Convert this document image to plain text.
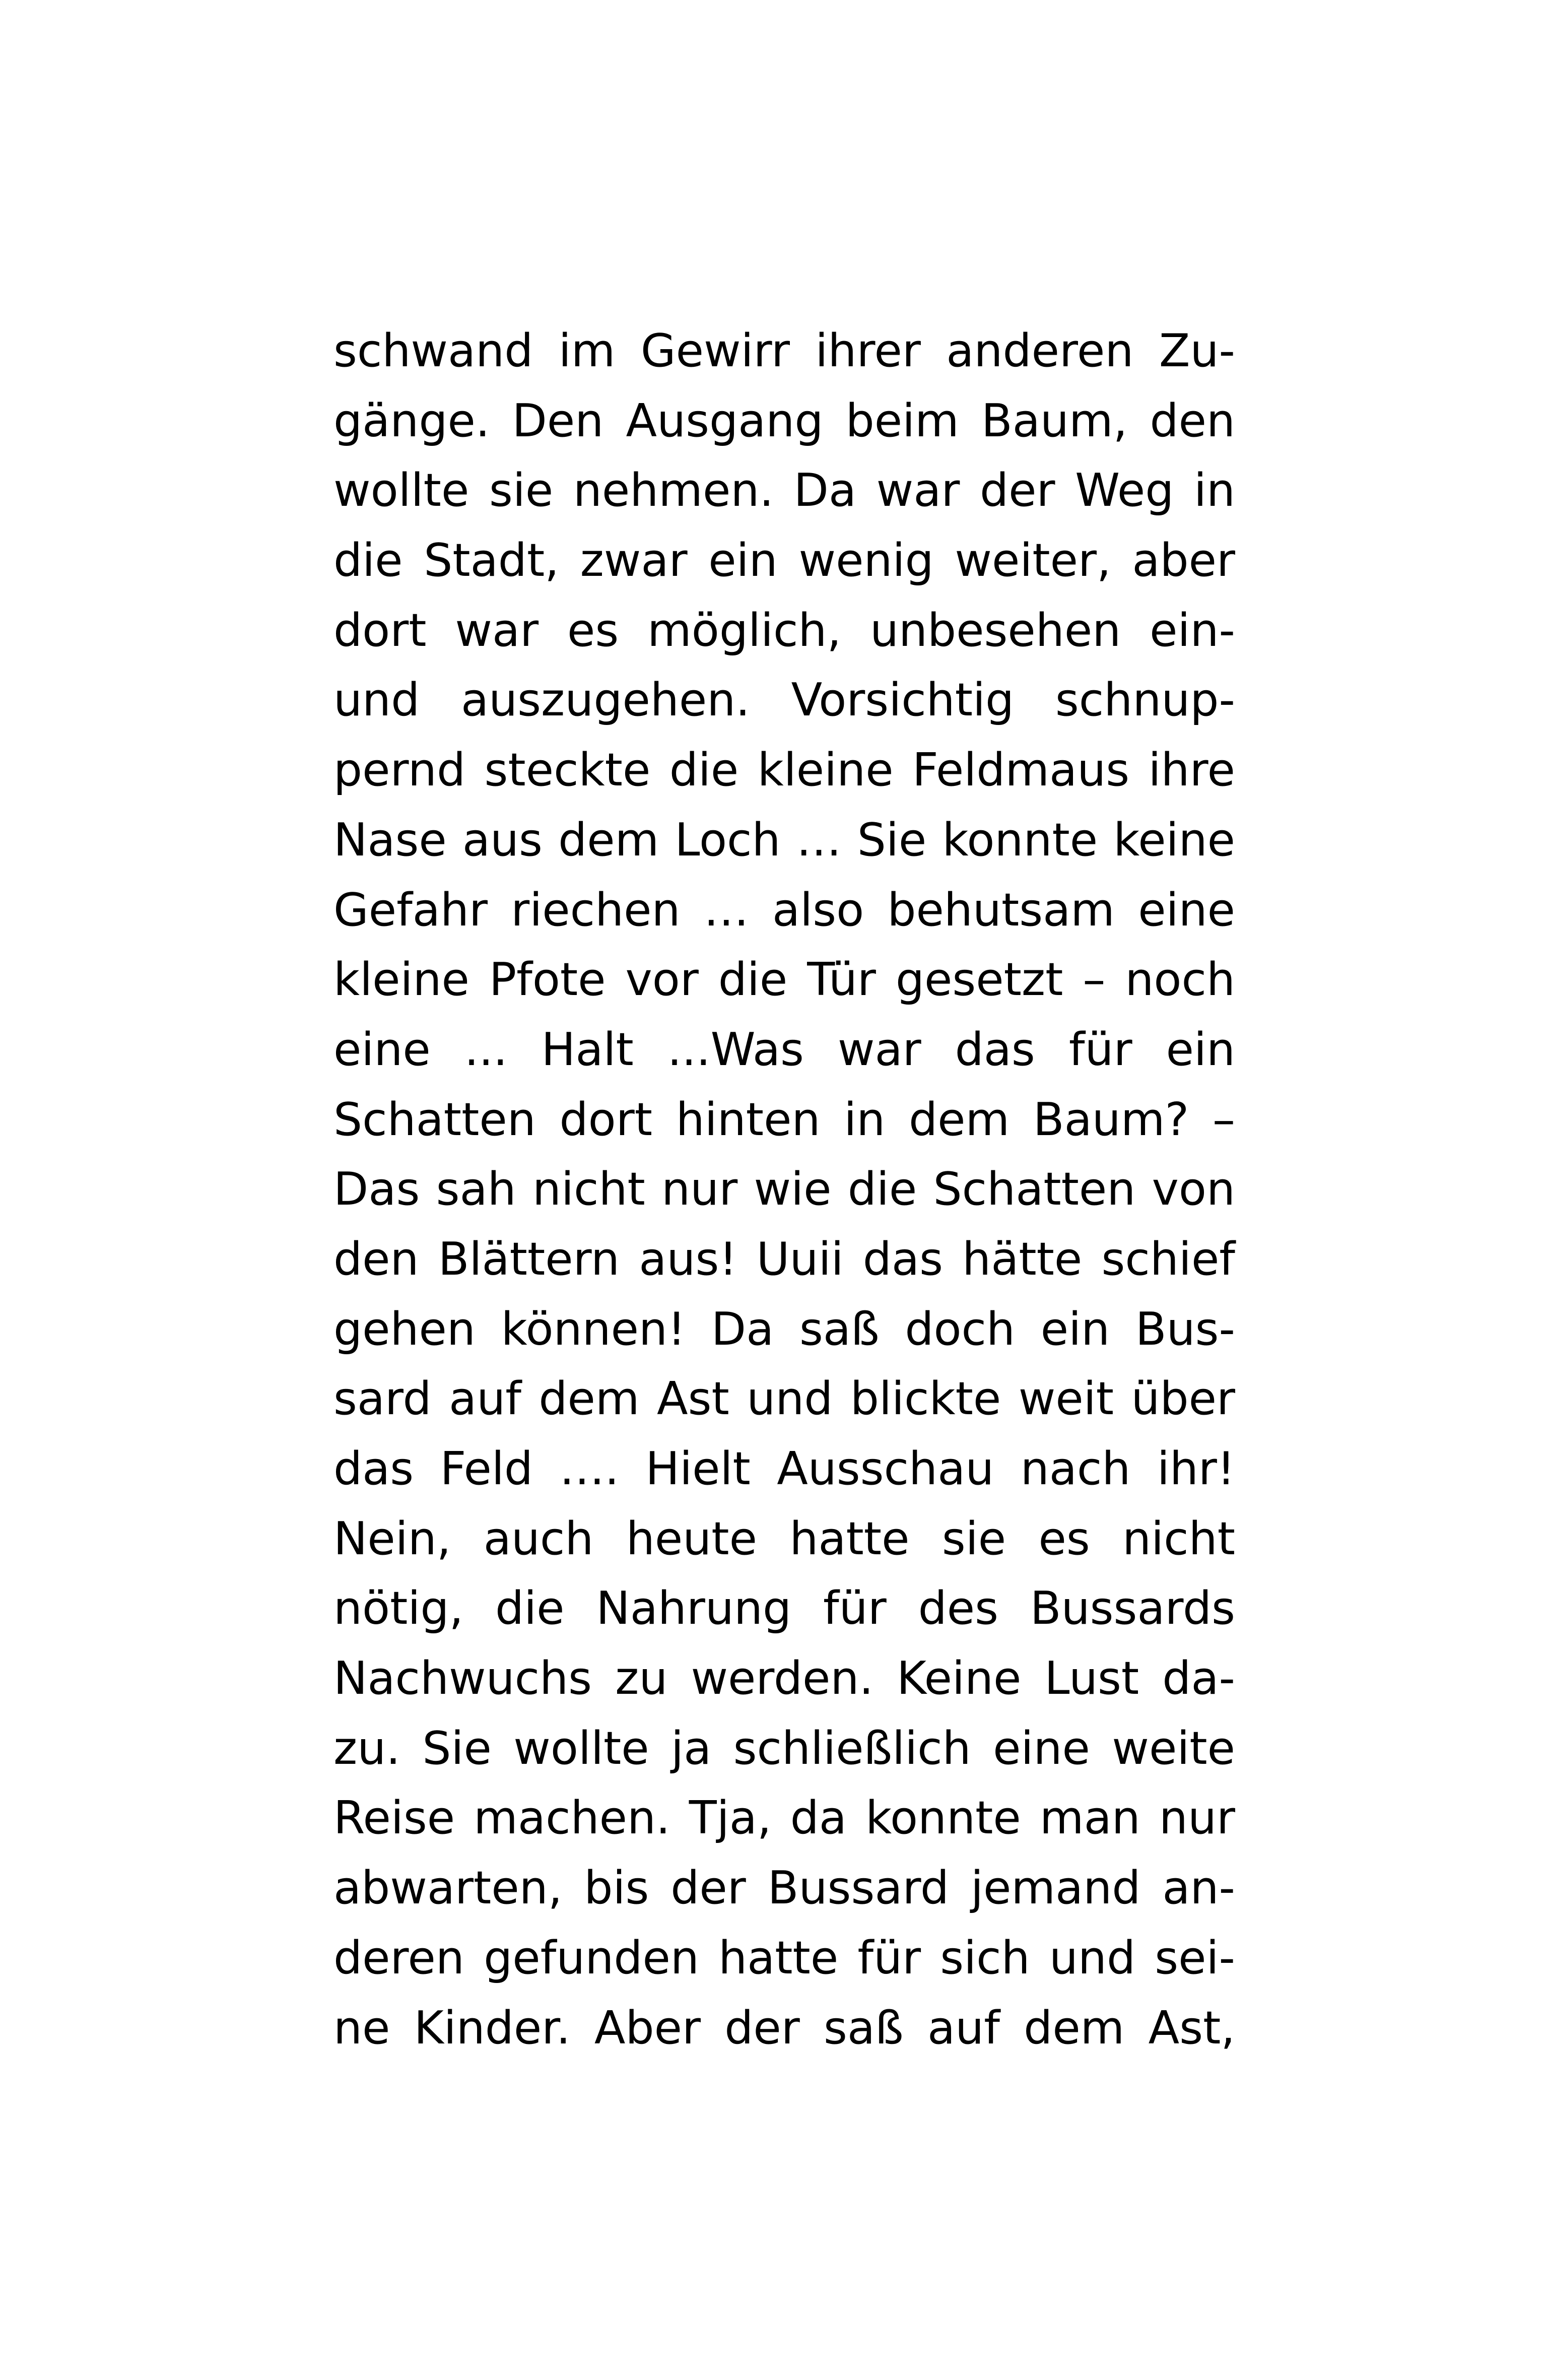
schwand im Gewirr ihrer anderen Zu-
gänge. Den Ausgang beim Baum, den
wollte sie nehmen. Da war der Weg in
die Stadt, zwar ein wenig weiter, aber
dort war es möglich, unbesehen ein-
und auszugehen. Vorsichtig schnup-
pernd steckte die kleine Feldmaus ihre
Nase aus dem Loch … Sie konnte keine
Gefahr riechen … also behutsam eine
kleine Pfote vor die Tür gesetzt – noch
eine ... Halt ...Was war das für ein
Schatten dort hinten in dem Baum? –
Das sah nicht nur wie die Schatten von
den Blättern aus! Uuii das hätte schief
gehen können! Da saß doch ein Bus-
sard auf dem Ast und blickte weit über
das Feld …. Hielt Ausschau nach ihr!
Nein, auch heute hatte sie es nicht
nötig, die Nahrung für des Bussards
Nachwuchs zu werden. Keine Lust da-
zu. Sie wollte ja schließlich eine weite
Reise machen. Tja, da konnte man nur
abwarten, bis der Bussard jemand an-
deren gefunden hatte für sich und sei-
ne Kinder. Aber der saß auf dem Ast,
